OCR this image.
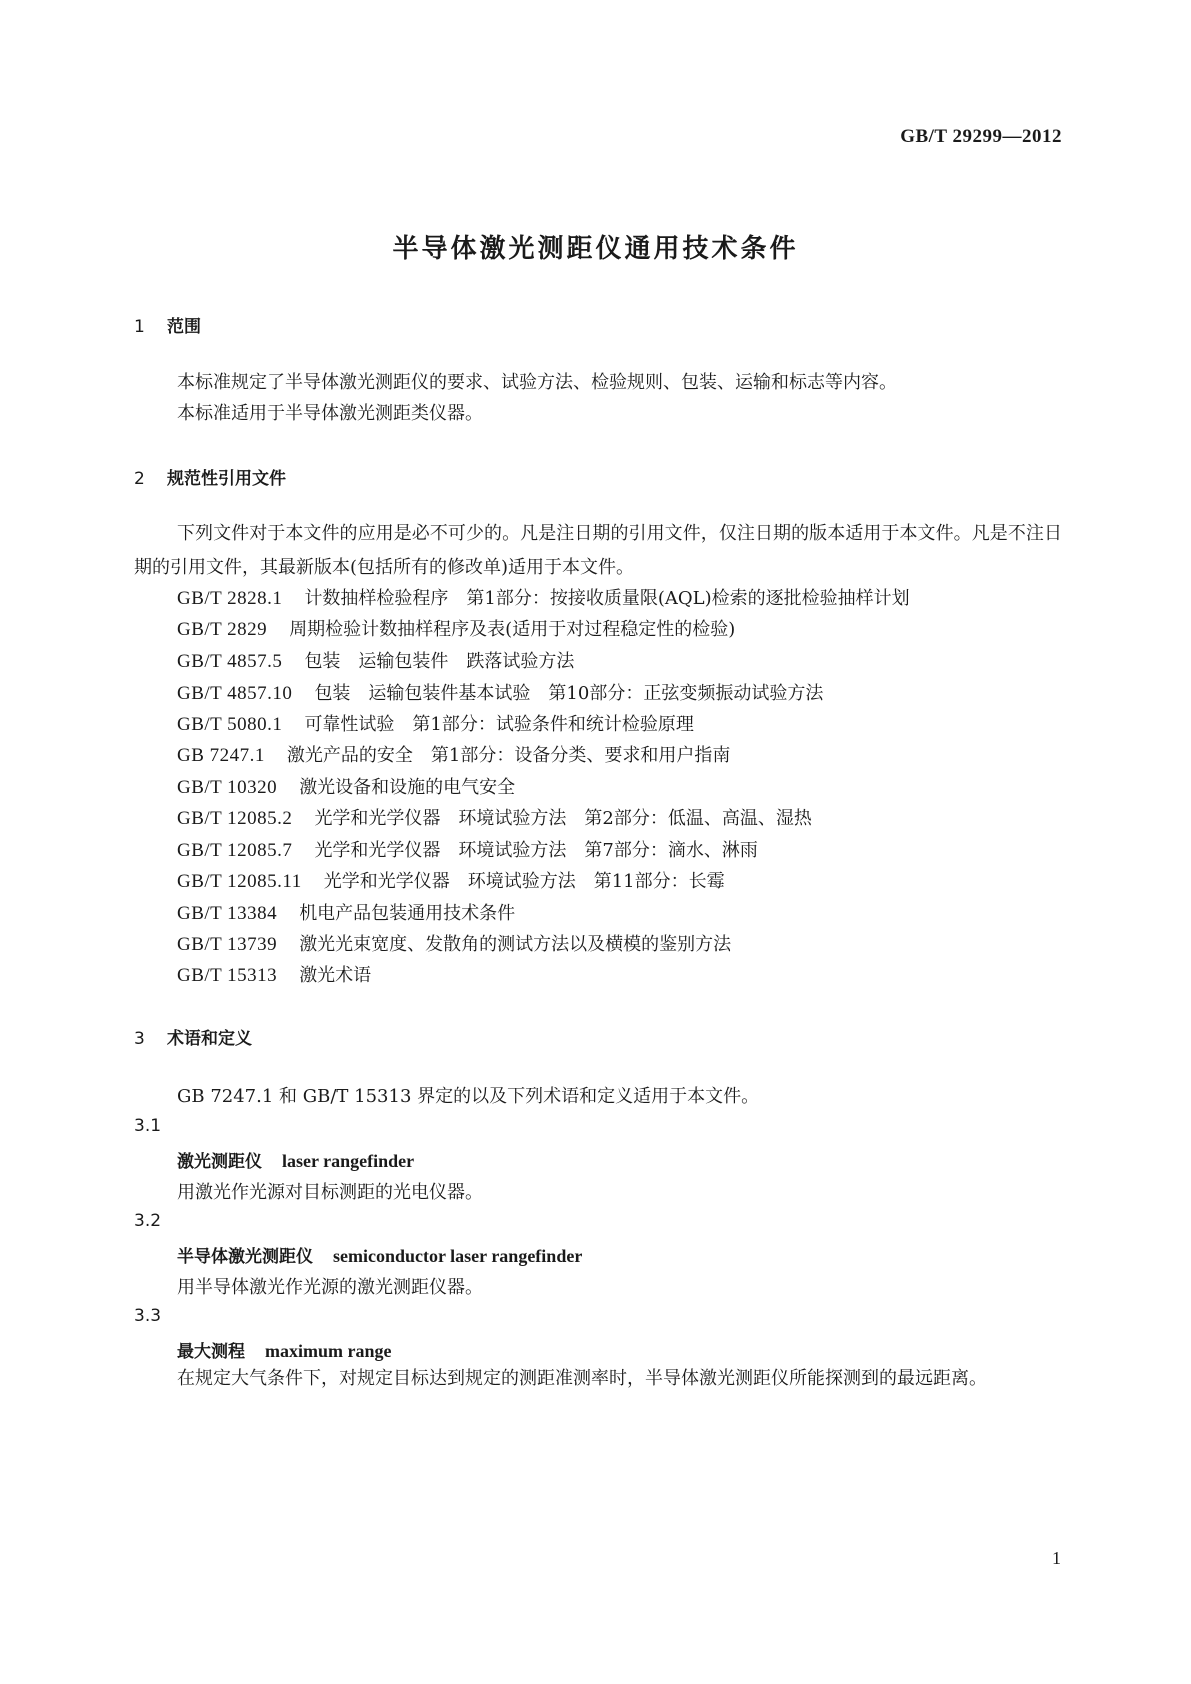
GB/T 29299—2012
半导体激光测距仪通用技术条件
1 范围
本标准规定了半导体激光测距仪的要求、试验方法、检验规则、包装、运输和标志等内容。
本标准适用于半导体激光测距类仪器。
2 规范性引用文件
下列文件对于本文件的应用是必不可少的。凡是注日期的引用文件，仅注日期的版本适用于本文件。凡是不注日期的引用文件，其最新版本(包括所有的修改单)适用于本文件。
GB/T 2828.1 计数抽样检验程序　第1部分：按接收质量限(AQL)检索的逐批检验抽样计划
GB/T 2829 周期检验计数抽样程序及表(适用于对过程稳定性的检验)
GB/T 4857.5 包装　运输包装件　跌落试验方法
GB/T 4857.10 包装　运输包装件基本试验　第10部分：正弦变频振动试验方法
GB/T 5080.1 可靠性试验　第1部分：试验条件和统计检验原理
GB 7247.1 激光产品的安全　第1部分：设备分类、要求和用户指南
GB/T 10320 激光设备和设施的电气安全
GB/T 12085.2 光学和光学仪器　环境试验方法　第2部分：低温、高温、湿热
GB/T 12085.7 光学和光学仪器　环境试验方法　第7部分：滴水、淋雨
GB/T 12085.11 光学和光学仪器　环境试验方法　第11部分：长霉
GB/T 13384 机电产品包装通用技术条件
GB/T 13739 激光光束宽度、发散角的测试方法以及横模的鉴别方法
GB/T 15313 激光术语
3 术语和定义
GB 7247.1 和 GB/T 15313 界定的以及下列术语和定义适用于本文件。
3.1
激光测距仪 laser rangefinder
用激光作光源对目标测距的光电仪器。
3.2
半导体激光测距仪 semiconductor laser rangefinder
用半导体激光作光源的激光测距仪器。
3.3
最大测程 maximum range
在规定大气条件下，对规定目标达到规定的测距准测率时，半导体激光测距仪所能探测到的最远距离。
1
